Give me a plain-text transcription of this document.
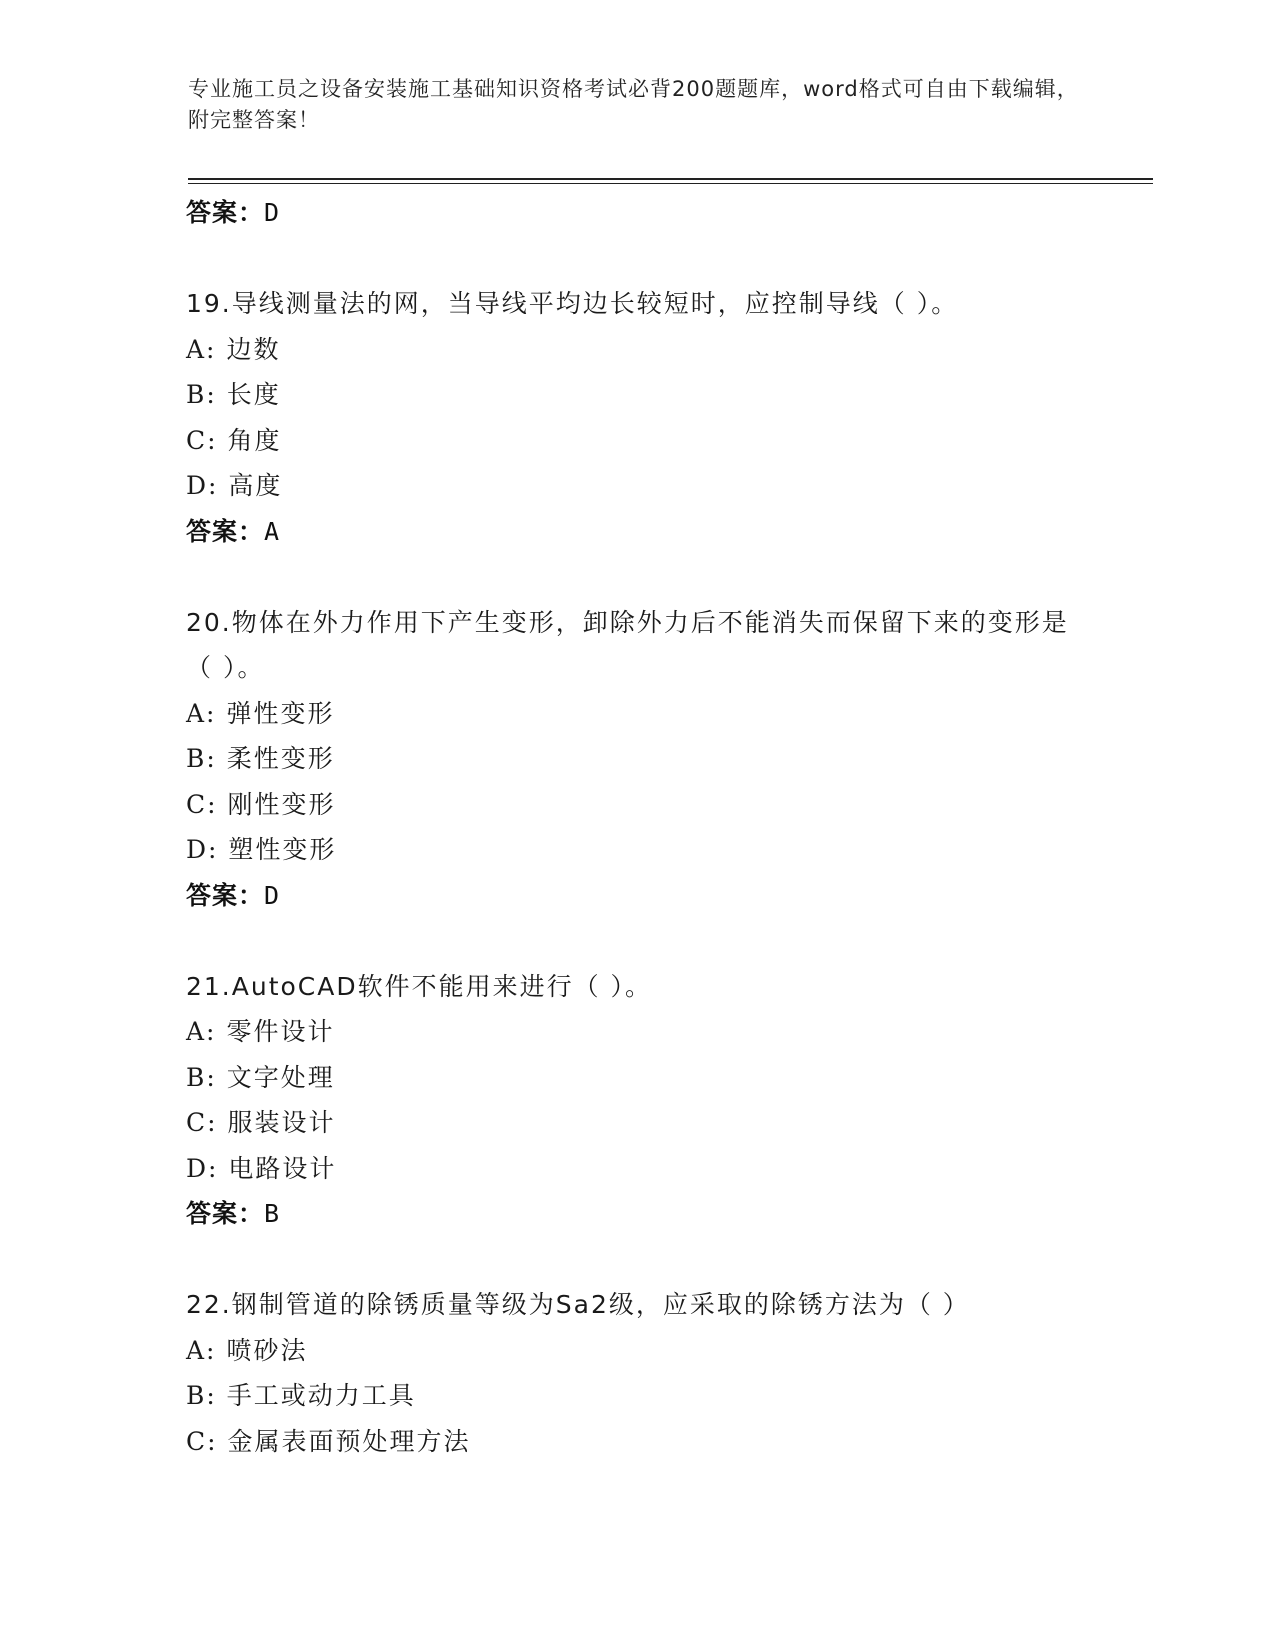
专业施工员之设备安装施工基础知识资格考试必背200题题库，word格式可自由下载编辑，附完整答案！
答案：D
19.导线测量法的网，当导线平均边长较短时，应控制导线（ ）。
A: 边数
B: 长度
C: 角度
D: 高度
答案：A
20.物体在外力作用下产生变形，卸除外力后不能消失而保留下来的变形是（ ）。
A: 弹性变形
B: 柔性变形
C: 刚性变形
D: 塑性变形
答案：D
21.AutoCAD软件不能用来进行（ ）。
A: 零件设计
B: 文字处理
C: 服装设计
D: 电路设计
答案：B
22.钢制管道的除锈质量等级为Sa2级，应采取的除锈方法为（ ）
A: 喷砂法
B: 手工或动力工具
C: 金属表面预处理方法
